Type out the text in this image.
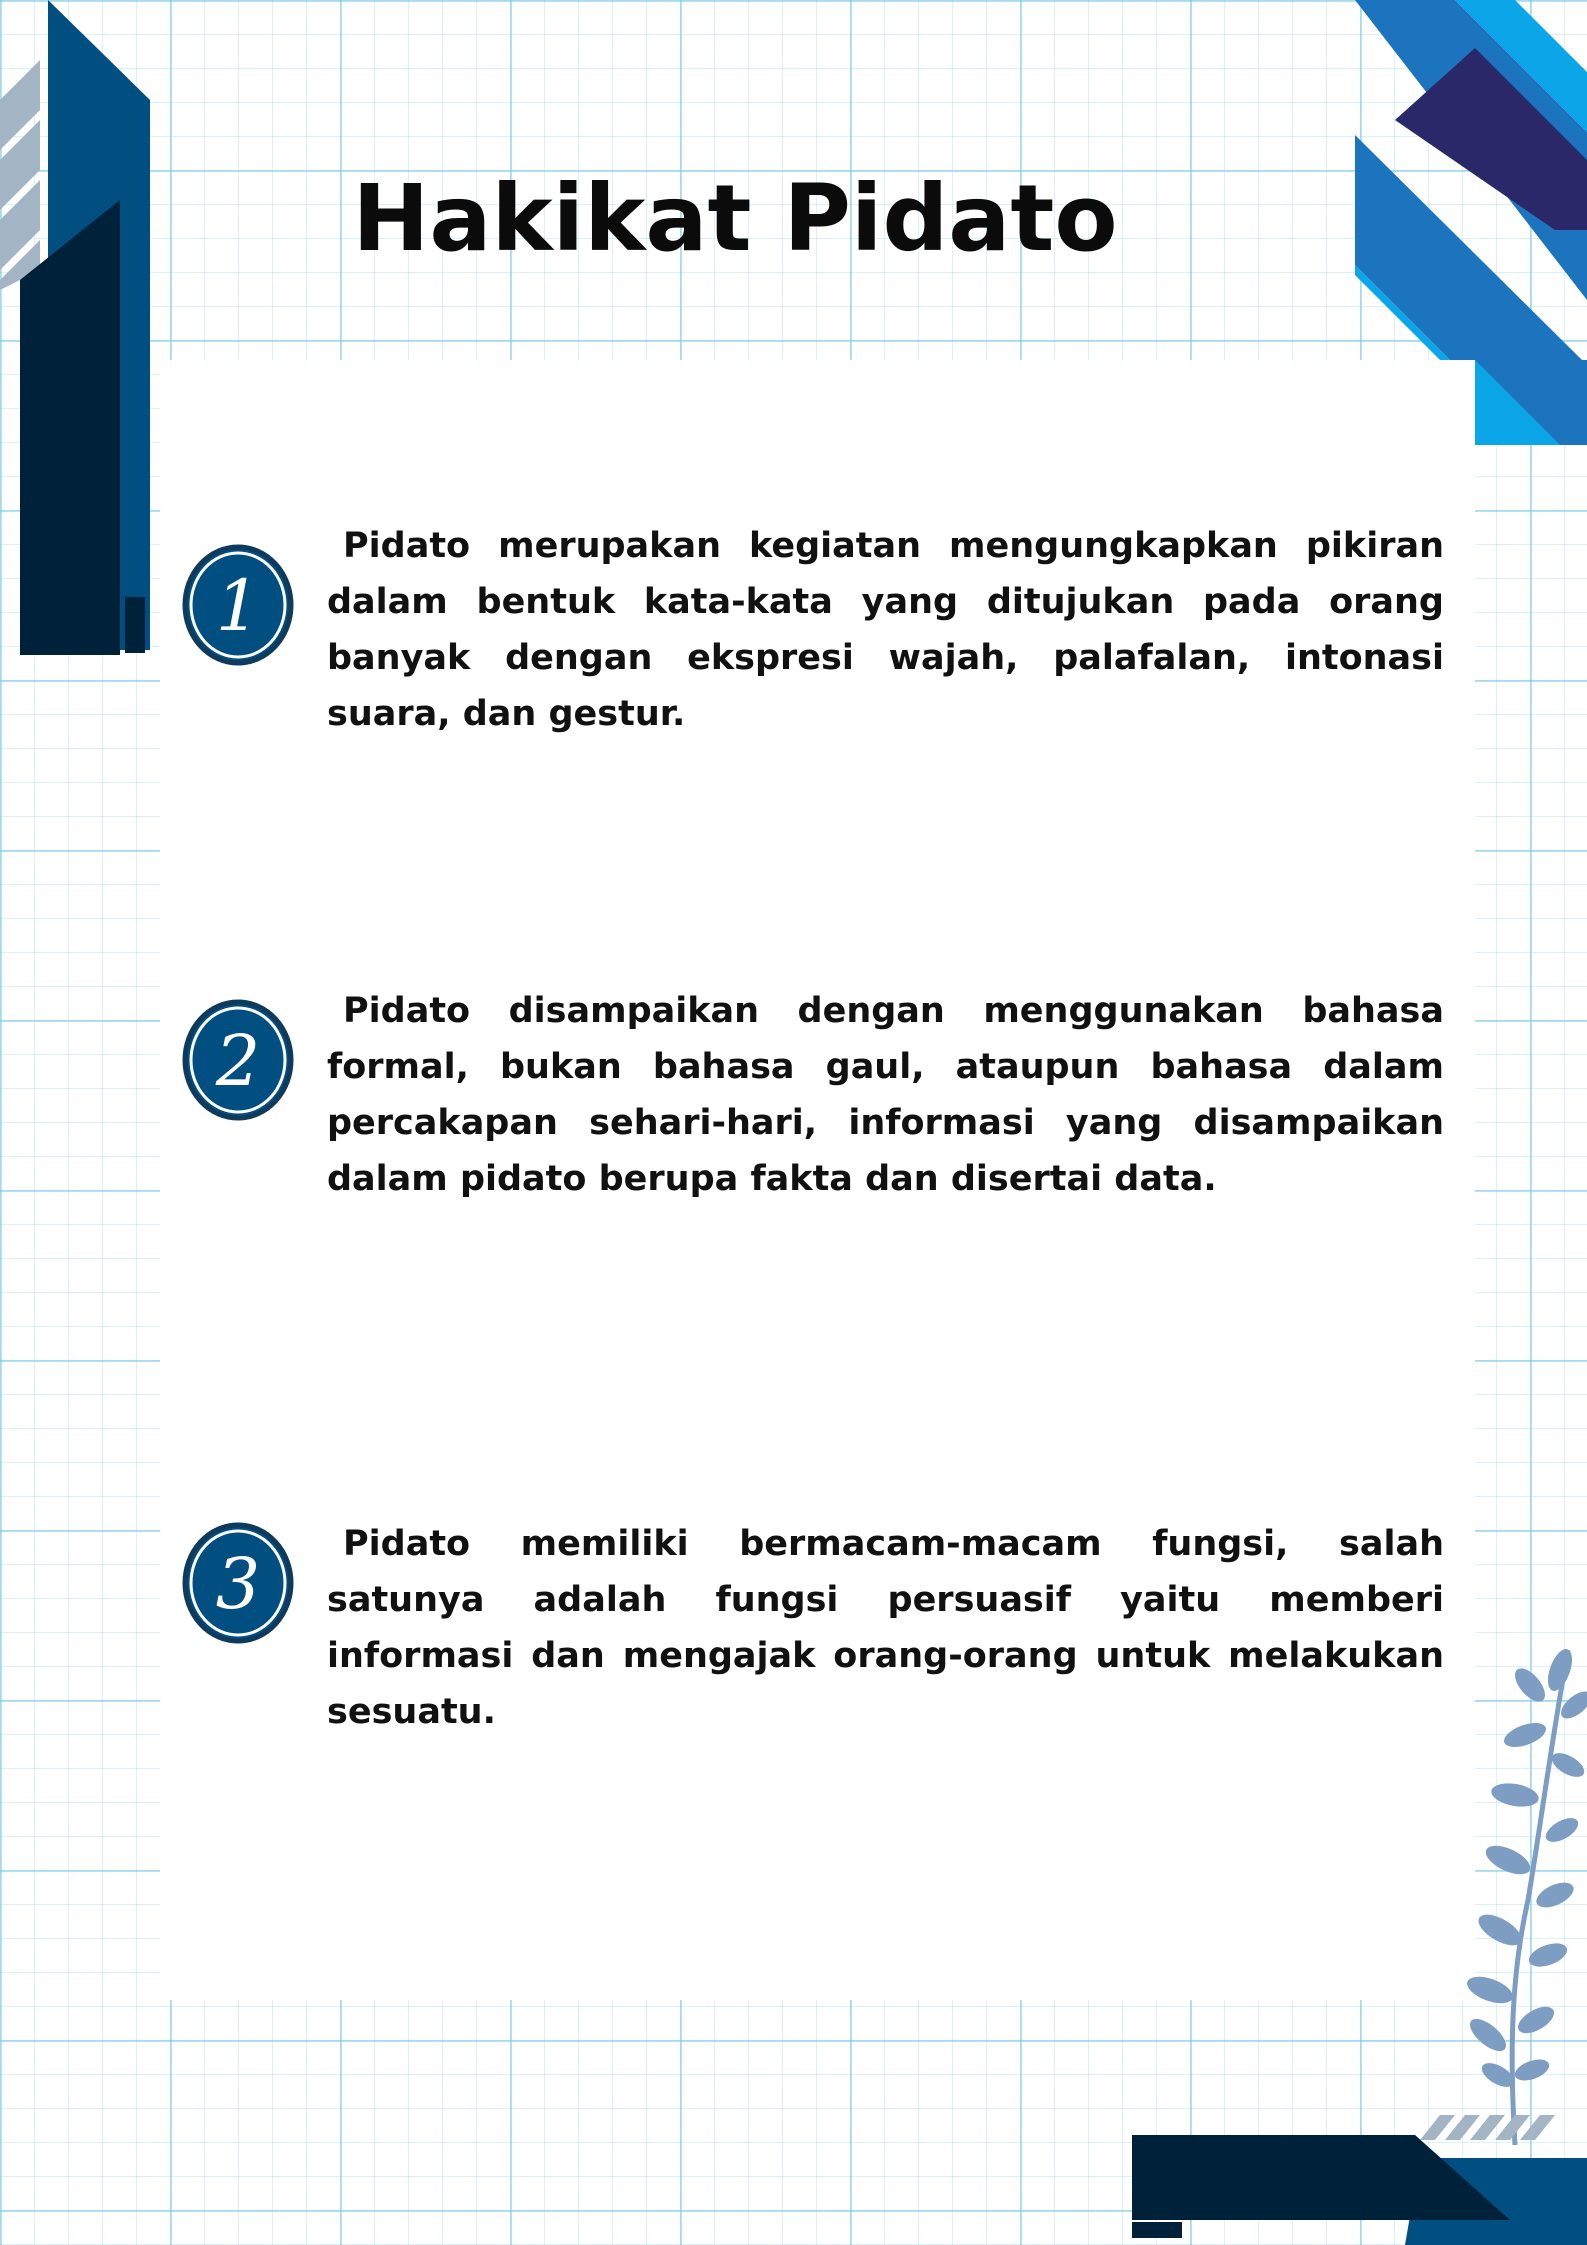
Hakikat Pidato
1

Pidato merupakan kegiatan mengungkapkan pikiran dalam bentuk kata-kata yang ditujukan pada orang banyak dengan ekspresi wajah, palafalan, intonasi suara, dan gestur.

2

Pidato disampaikan dengan menggunakan bahasa formal, bukan bahasa gaul, ataupun bahasa dalam percakapan sehari-hari, informasi yang disampaikan dalam pidato berupa fakta dan disertai data.

3	Pidato memiliki bermacam-macam fungsi, salah satunya adalah fungsi persuasif yaitu memberi informasi dan mengajak orang-orang untuk melakukan sesuatu.
